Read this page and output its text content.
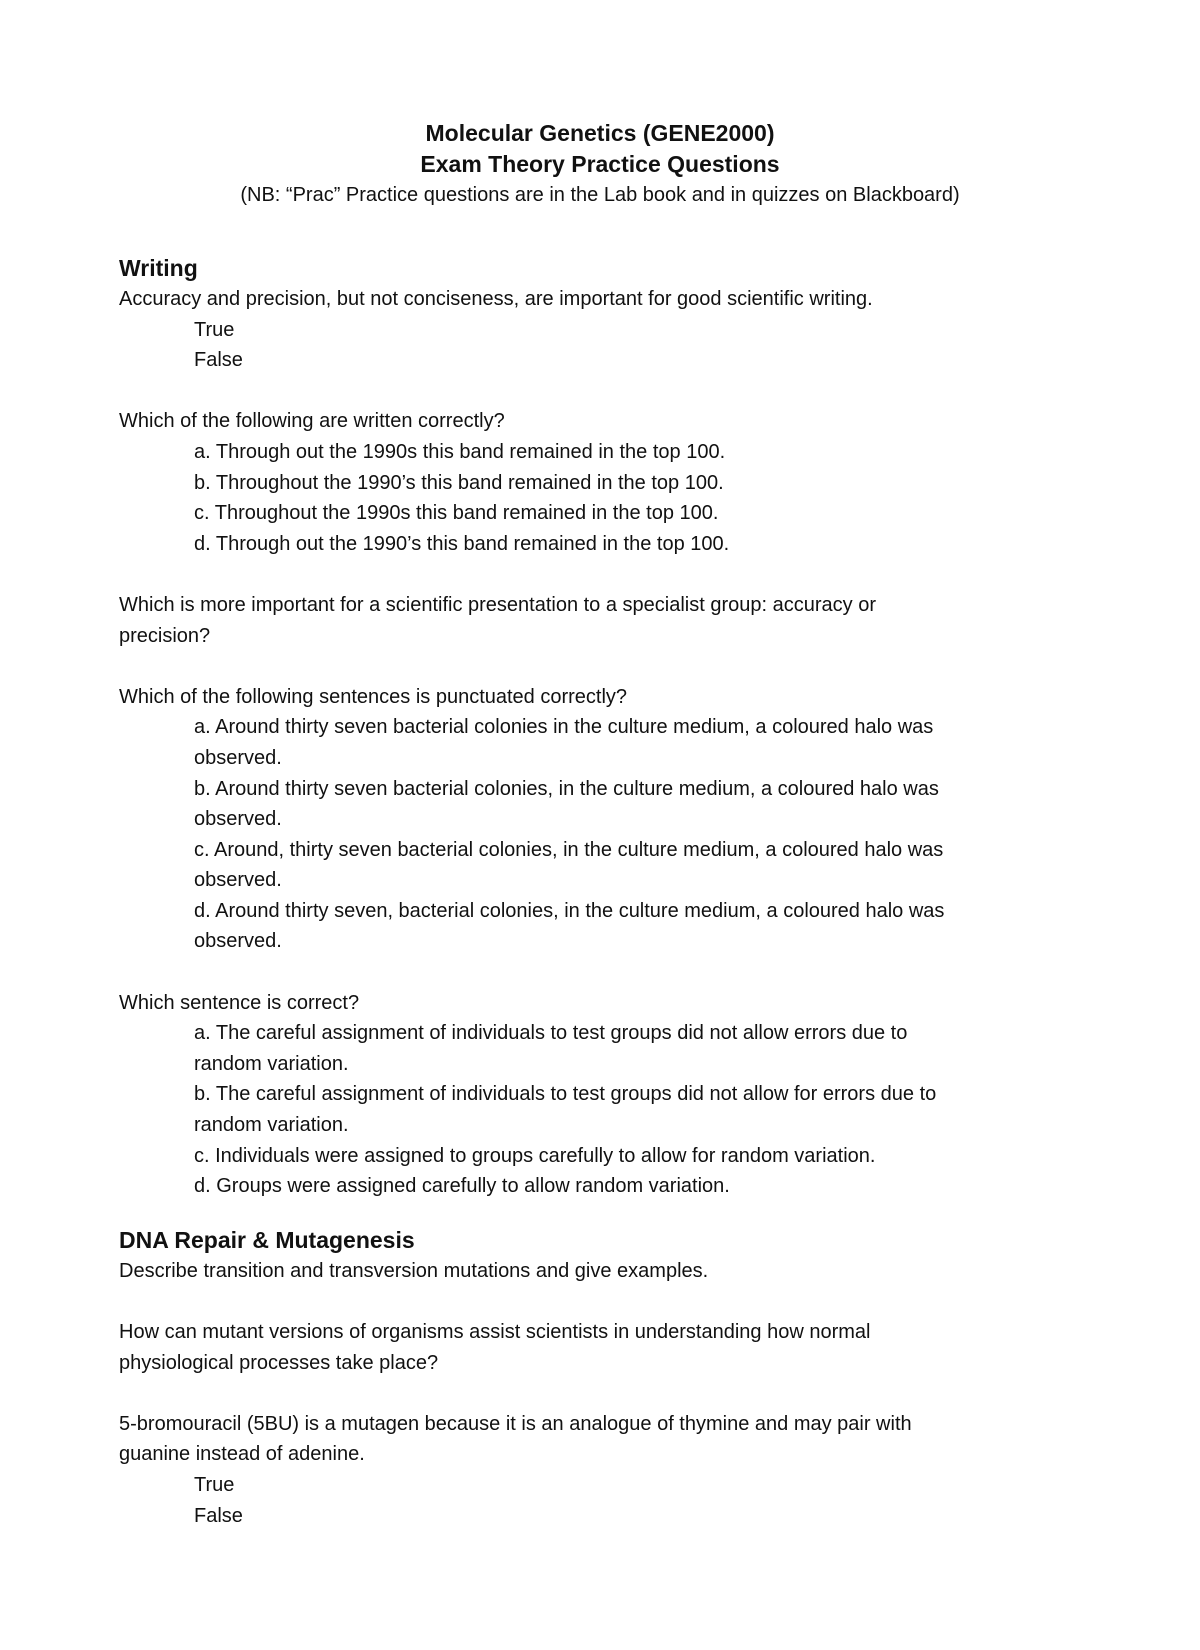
Molecular Genetics (GENE2000)
Exam Theory Practice Questions
(NB: “Prac” Practice questions are in the Lab book and in quizzes on Blackboard)
Writing

Accuracy and precision, but not conciseness, are important for good scientific writing.

True

False

Which of the following are written correctly?

a. Through out the 1990s this band remained in the top 100.

b. Throughout the 1990’s this band remained in the top 100.

c. Throughout the 1990s this band remained in the top 100.

d. Through out the 1990’s this band remained in the top 100.

Which is more important for a scientific presentation to a specialist group: accuracy or

precision?

Which of the following sentences is punctuated correctly?

a. Around thirty seven bacterial colonies in the culture medium, a coloured halo was

observed.

b. Around thirty seven bacterial colonies, in the culture medium, a coloured halo was

observed.

c. Around, thirty seven bacterial colonies, in the culture medium, a coloured halo was

observed.

d. Around thirty seven, bacterial colonies, in the culture medium, a coloured halo was

observed.

Which sentence is correct?

a. The careful assignment of individuals to test groups did not allow errors due to

random variation.

b. The careful assignment of individuals to test groups did not allow for errors due to

random variation.

c. Individuals were assigned to groups carefully to allow for random variation.

d. Groups were assigned carefully to allow random variation.

DNA Repair & Mutagenesis

Describe transition and transversion mutations and give examples.

How can mutant versions of organisms assist scientists in understanding how normal

physiological processes take place?

5-bromouracil (5BU) is a mutagen because it is an analogue of thymine and may pair with

guanine instead of adenine.

True

False
